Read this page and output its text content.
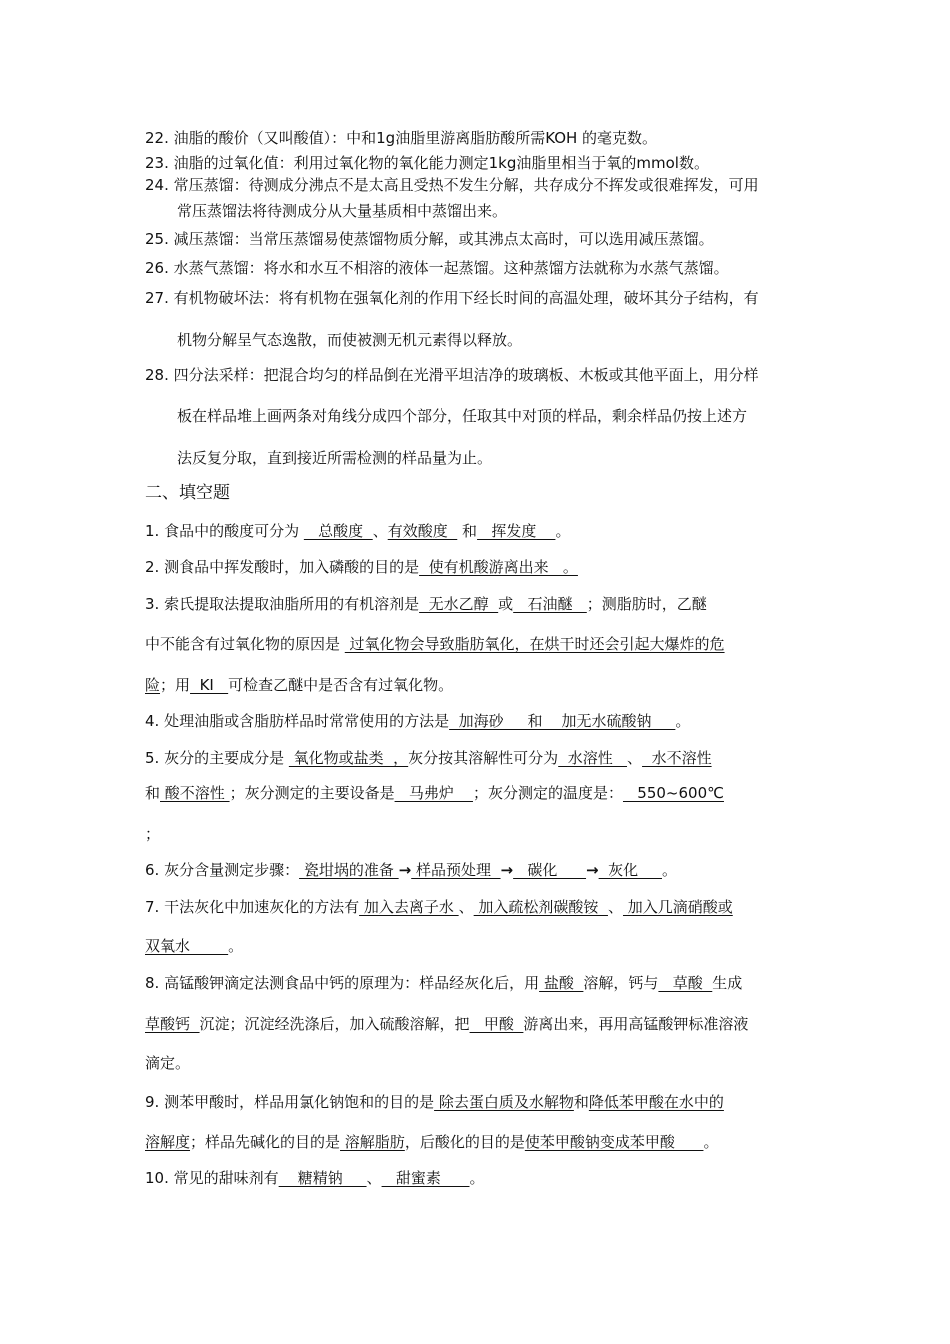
22. 油脂的酸价（又叫酸值）：中和1g油脂里游离脂肪酸所需KOH 的毫克数。
23. 油脂的过氧化值：利用过氧化物的氧化能力测定1kg油脂里相当于氧的mmol数。
24. 常压蒸馏：待测成分沸点不是太高且受热不发生分解，共存成分不挥发或很难挥发，可用
常压蒸馏法将待测成分从大量基质相中蒸馏出来。
25. 减压蒸馏：当常压蒸馏易使蒸馏物质分解，或其沸点太高时，可以选用减压蒸馏。
26. 水蒸气蒸馏：将水和水互不相溶的液体一起蒸馏。这种蒸馏方法就称为水蒸气蒸馏。
27. 有机物破坏法：将有机物在强氧化剂的作用下经长时间的高温处理，破坏其分子结构，有
机物分解呈气态逸散，而使被测无机元素得以释放。
28. 四分法采样：把混合均匀的样品倒在光滑平坦洁净的玻璃板、木板或其他平面上，用分样
板在样品堆上画两条对角线分成四个部分，任取其中对顶的样品，剩余样品仍按上述方
法反复分取，直到接近所需检测的样品量为止。
二、填空题
1. 食品中的酸度可分为    总酸度  、有效酸度   和   挥发度    。
2. 测食品中挥发酸时，加入磷酸的目的是  使有机酸游离出来   。
3. 索氏提取法提取油脂所用的有机溶剂是  无水乙醇  或   石油醚   ；测脂肪时，乙醚
中不能含有过氧化物的原因是  过氧化物会导致脂肪氧化，在烘干时还会引起大爆炸的危
险；用  KI   可检查乙醚中是否含有过氧化物。
4. 处理油脂或含脂肪样品时常常使用的方法是  加海砂     和    加无水硫酸钠     。
5. 灰分的主要成分是  氧化物或盐类  ，灰分按其溶解性可分为  水溶性   、  水不溶性
和 酸不溶性 ；灰分测定的主要设备是   马弗炉    ；灰分测定的温度是：   550~600℃
；
6. 灰分含量测定步骤： 瓷坩埚的准备 → 样品预处理  →   碳化      →  灰化     。
7. 干法灰化中加速灰化的方法有 加入去离子水 、 加入疏松剂碳酸铵  、 加入几滴硝酸或
双氧水        。
8. 高锰酸钾滴定法测食品中钙的原理为：样品经灰化后，用 盐酸  溶解，钙与   草酸  生成
草酸钙  沉淀；沉淀经洗涤后，加入硫酸溶解，把   甲酸  游离出来，再用高锰酸钾标准溶液
滴定。
9. 测苯甲酸时，样品用氯化钠饱和的目的是 除去蛋白质及水解物和降低苯甲酸在水中的
溶解度；样品先碱化的目的是 溶解脂肪，后酸化的目的是使苯甲酸钠变成苯甲酸      。
10. 常见的甜味剂有    糖精钠     、   甜蜜素      。
